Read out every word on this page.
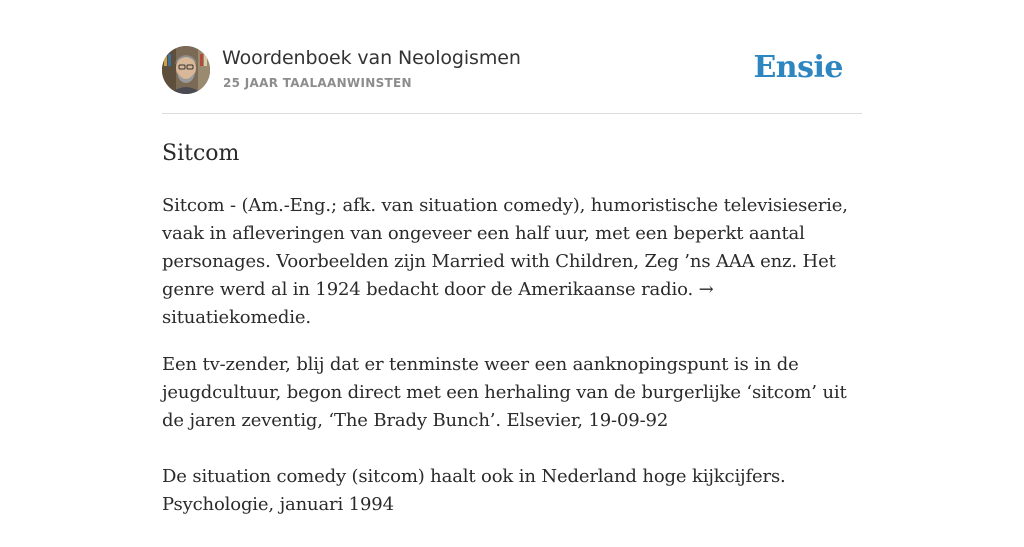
Woordenboek van Neologismen
25 JAAR TAALAANWINSTEN	Ensie
Sitcom

Sitcom - (Am.-Eng.; afk. van situation comedy), humoristische televisieserie, vaak in afleveringen van ongeveer een half uur, met een beperkt aantal personages. Voorbeelden zijn Married with Children, Zeg ’ns AAA enz. Het genre werd al in 1924 bedacht door de Amerikaanse radio. → situatiekomedie.

Een tv-zender, blij dat er tenminste weer een aanknopingspunt is in de jeugdcultuur, begon direct met een herhaling van de burgerlijke ‘sitcom’ uit de jaren zeventig, ‘The Brady Bunch’. Elsevier, 19-09-92

De situation comedy (sitcom) haalt ook in Nederland hoge kijkcijfers. Psychologie, januari 1994
